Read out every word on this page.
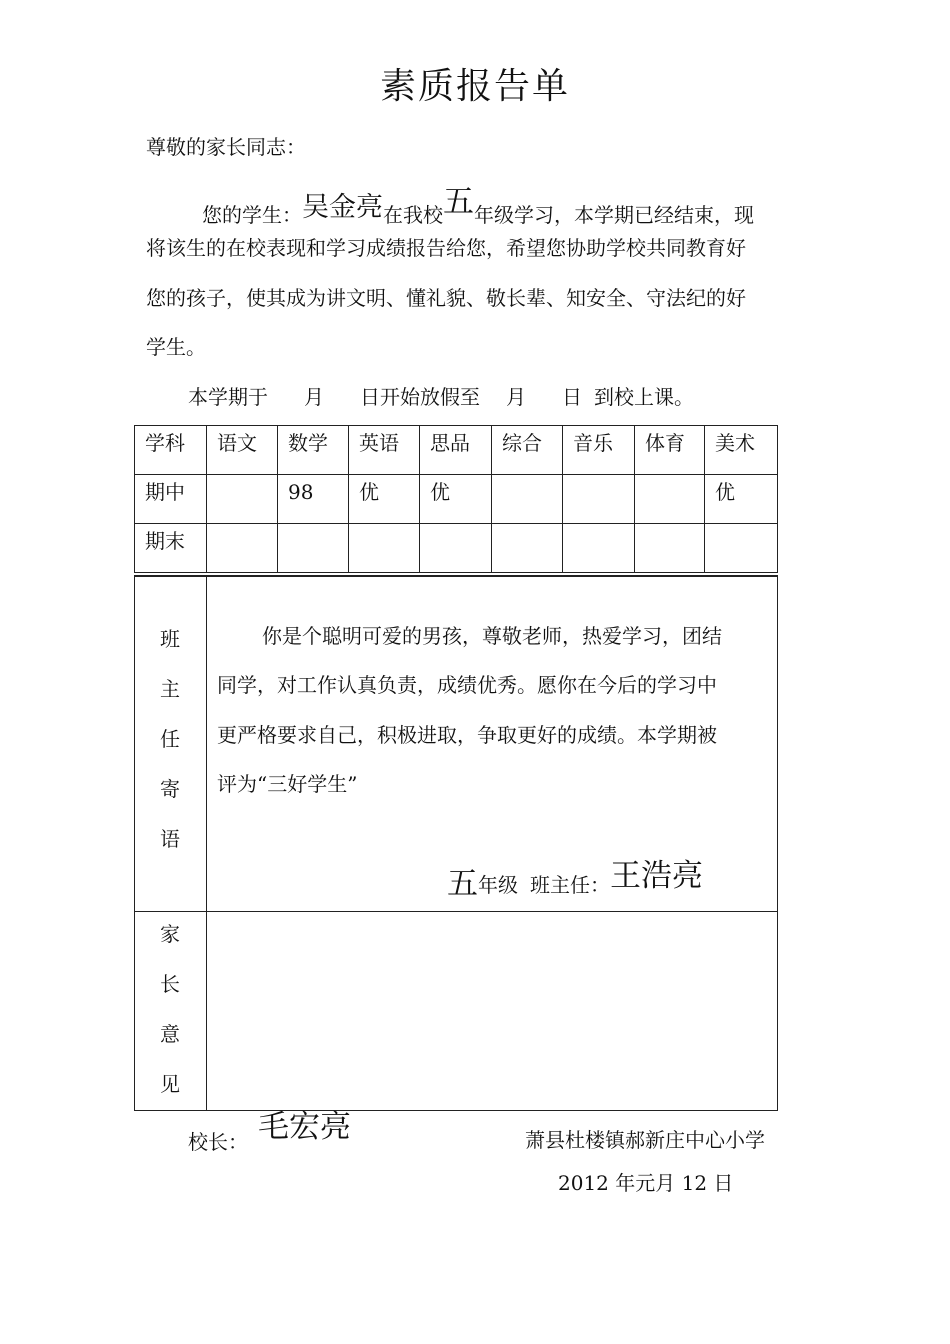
素质报告单
尊敬的家长同志：
您的学生：吴金亮在我校五年级学习，本学期已经结束，现
将该生的在校表现和学习成绩报告给您，希望您协助学校共同教育好
您的孩子，使其成为讲文明、懂礼貌、敬长辈、知安全、守法纪的好
学生。
本学期于 月 日开始放假至 月 日 到校上课。
学科	语文	数学	英语	思品	综合	音乐	体育	美术
期中		98	优	优				优
期末								
班
主
任
寄
语
你是个聪明可爱的男孩，尊敬老师，热爱学习，团结
同学，对工作认真负责，成绩优秀。愿你在今后的学习中
更严格要求自己，积极进取，争取更好的成绩。本学期被
评为“三好学生”
五年级 班主任：王浩亮
家
长
意
见
校长： 毛宏亮	萧县杜楼镇郝新庄中心小学
2012 年元月 12 日
